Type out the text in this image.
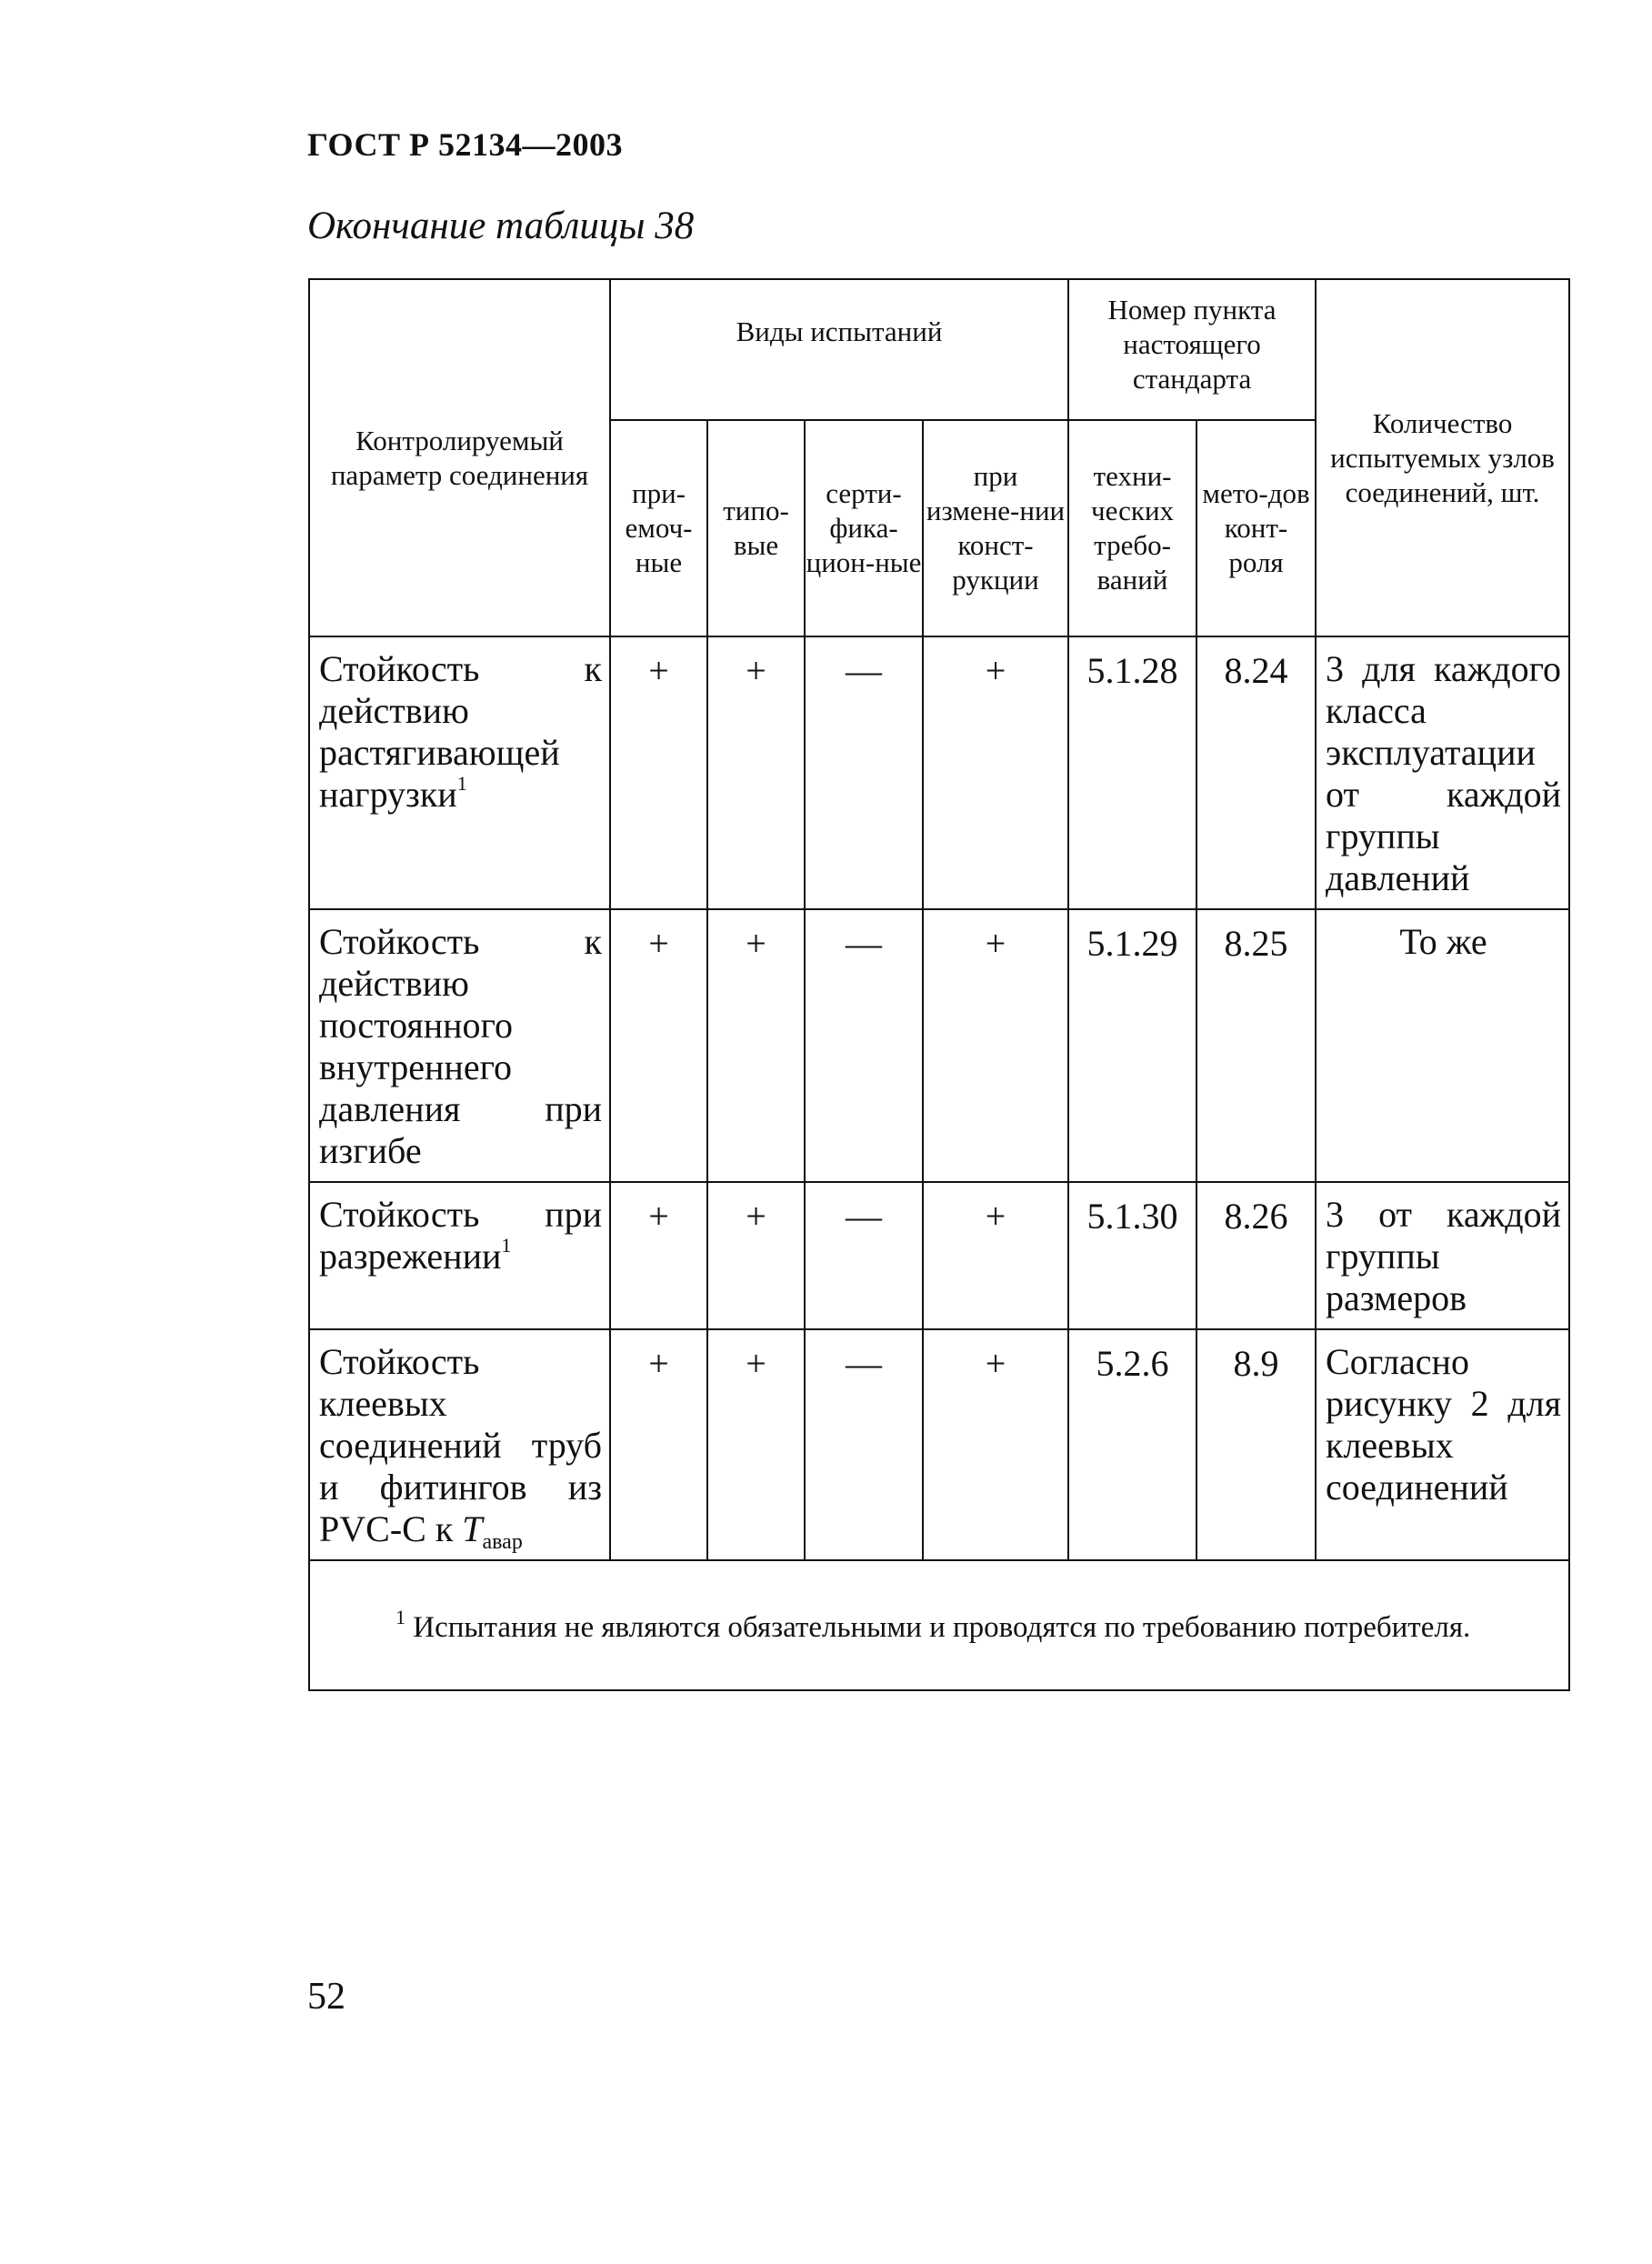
ГОСТ Р 52134—2003
Окончание таблицы 38
Контролируемый параметр соединения	Виды испытаний				Номер пункта настоящего стандарта		Количество испытуемых узлов соединений, шт.
	при-емоч-ные	типо-вые	серти-фика-цион-ные	при измене-нии конст-рукции	техни-ческих требо-ваний	мето-дов конт-роля	
Стойкость к действию растягивающей нагрузки$^1$	+	+	—	+	5.1.28	8.24	3 для каждого класса эксплуатации от каждой группы давлений
Стойкость к действию постоянного внутреннего давления при изгибе	+	+	—	+	5.1.29	8.25	То же
Стойкость при разрежении$^1$	+	+	—	+	5.1.30	8.26	3 от каждой группы размеров
Стойкость клеевых соединений труб и фитингов из PVC-C к $T_{авар}$	+	+	—	+	5.2.6	8.9	Согласно рисунку 2 для клеевых соединений
$^1$ Испытания не являются обязательными и проводятся по требованию потребителя.							
52
